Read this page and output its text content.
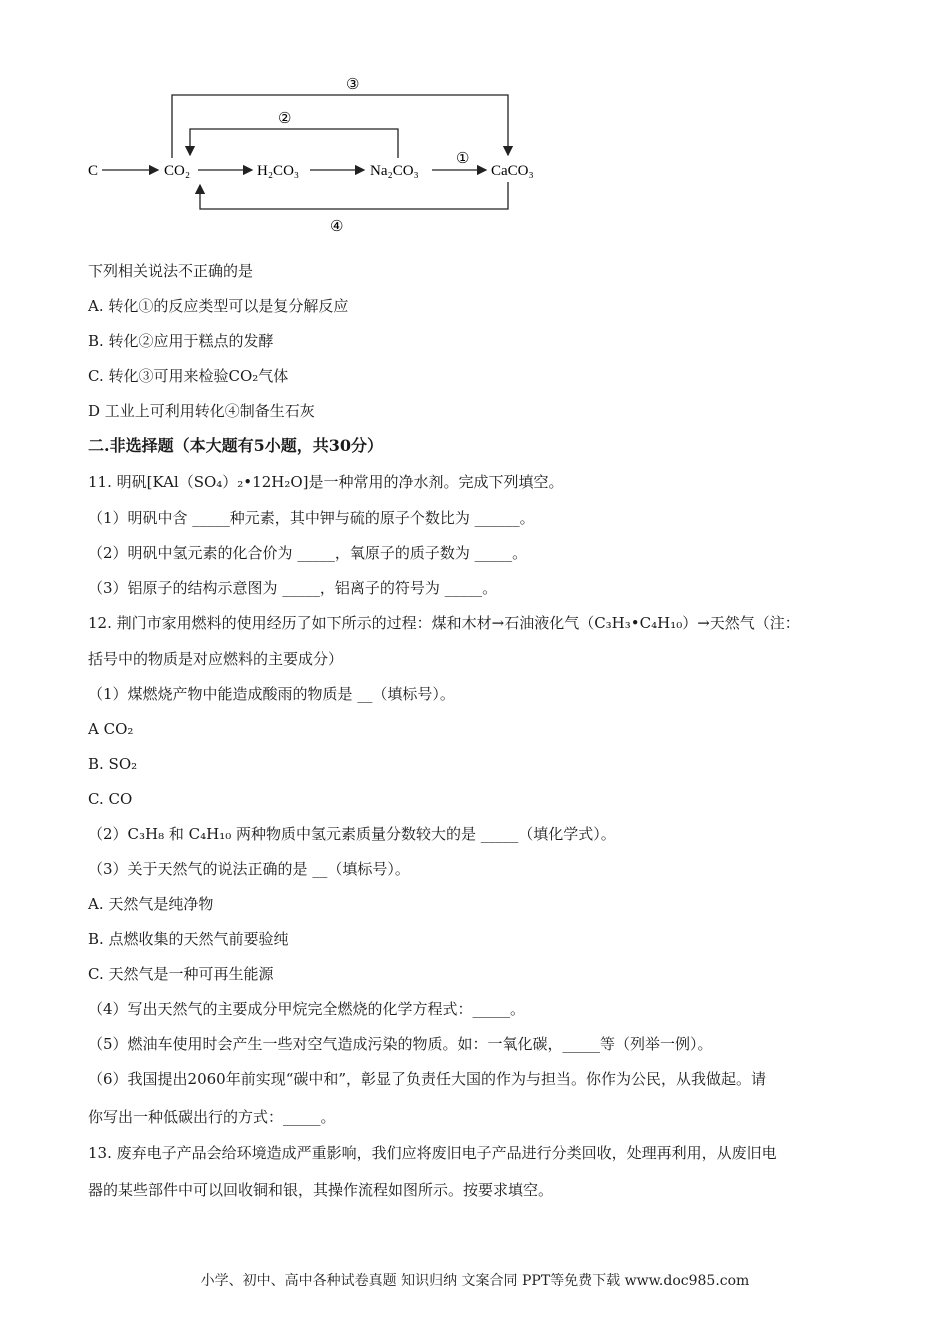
C	CO₂	H₂CO₃	Na₂CO₃	CaCO₃
①
②
③
④
下列相关说法不正确的是
A. 转化①的反应类型可以是复分解反应
B. 转化②应用于糕点的发酵
C. 转化③可用来检验CO₂气体
D 工业上可利用转化④制备生石灰
二.非选择题（本大题有5小题，共30分）
11. 明矾[KAl（SO₄）₂•12H₂O]是一种常用的净水剂。完成下列填空。
（1）明矾中含 _____种元素，其中钾与硫的原子个数比为 ______。
（2）明矾中氢元素的化合价为 _____，氧原子的质子数为 _____。
（3）铝原子的结构示意图为 _____，铝离子的符号为 _____。
12. 荆门市家用燃料的使用经历了如下所示的过程：煤和木材→石油液化气（C₃H₃•C₄H₁₀）→天然气（注：
括号中的物质是对应燃料的主要成分）
（1）煤燃烧产物中能造成酸雨的物质是 __（填标号）。
A CO₂
B. SO₂
C. CO
（2）C₃H₈ 和 C₄H₁₀ 两种物质中氢元素质量分数较大的是 _____（填化学式）。
（3）关于天然气的说法正确的是 __（填标号）。
A. 天然气是纯净物
B. 点燃收集的天然气前要验纯
C. 天然气是一种可再生能源
（4）写出天然气的主要成分甲烷完全燃烧的化学方程式：_____。
（5）燃油车使用时会产生一些对空气造成污染的物质。如：一氧化碳，_____等（列举一例）。
（6）我国提出2060年前实现“碳中和”，彰显了负责任大国的作为与担当。你作为公民，从我做起。请
你写出一种低碳出行的方式：_____。
13. 废弃电子产品会给环境造成严重影响，我们应将废旧电子产品进行分类回收，处理再利用，从废旧电
器的某些部件中可以回收铜和银，其操作流程如图所示。按要求填空。
小学、初中、高中各种试卷真题 知识归纳 文案合同 PPT等免费下载 www.doc985.com
